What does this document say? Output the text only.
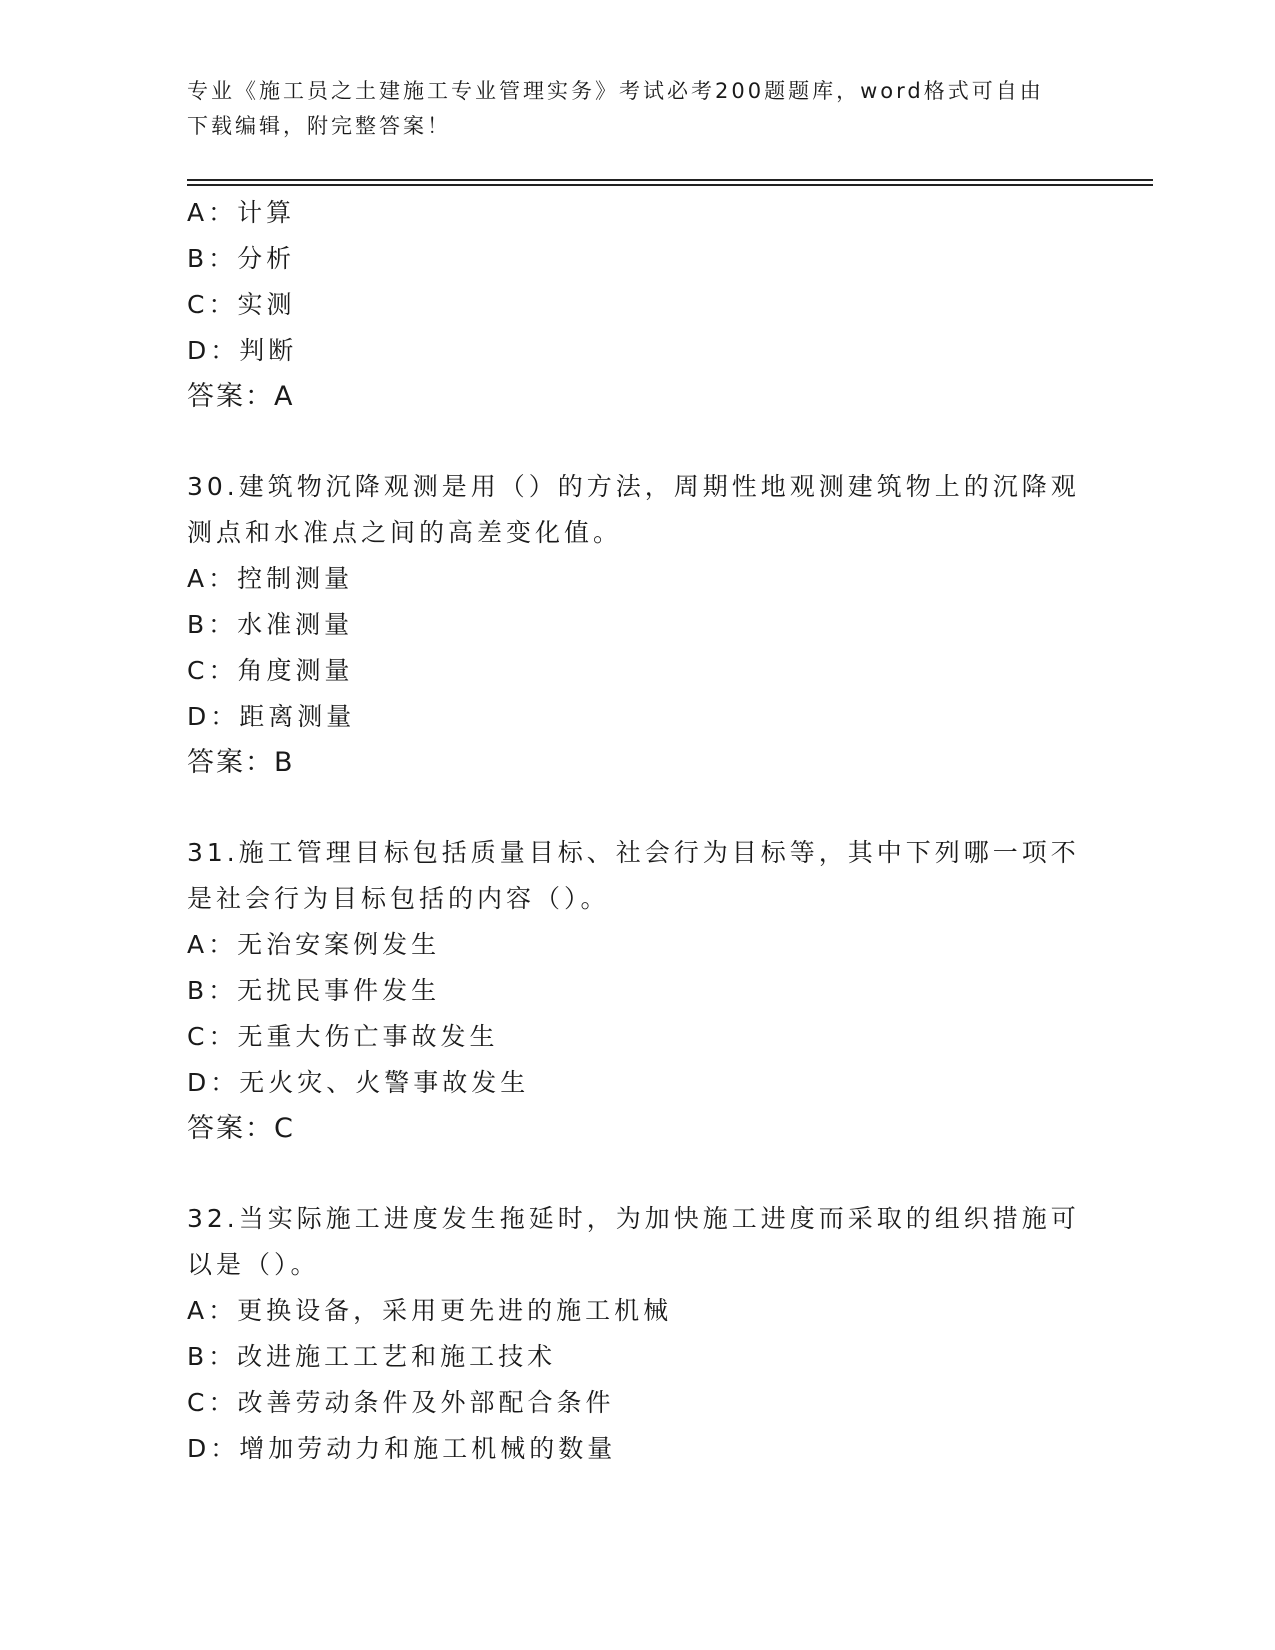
专业《施工员之土建施工专业管理实务》考试必考200题题库，word格式可自由
下载编辑，附完整答案！
A：计算
B：分析
C：实测
D：判断
答案：A
30.建筑物沉降观测是用（）的方法，周期性地观测建筑物上的沉降观
测点和水准点之间的高差变化值。
A：控制测量
B：水准测量
C：角度测量
D：距离测量
答案：B
31.施工管理目标包括质量目标、社会行为目标等，其中下列哪一项不
是社会行为目标包括的内容（）。
A：无治安案例发生
B：无扰民事件发生
C：无重大伤亡事故发生
D：无火灾、火警事故发生
答案：C
32.当实际施工进度发生拖延时，为加快施工进度而采取的组织措施可
以是（）。
A：更换设备，采用更先进的施工机械
B：改进施工工艺和施工技术
C：改善劳动条件及外部配合条件
D：增加劳动力和施工机械的数量
